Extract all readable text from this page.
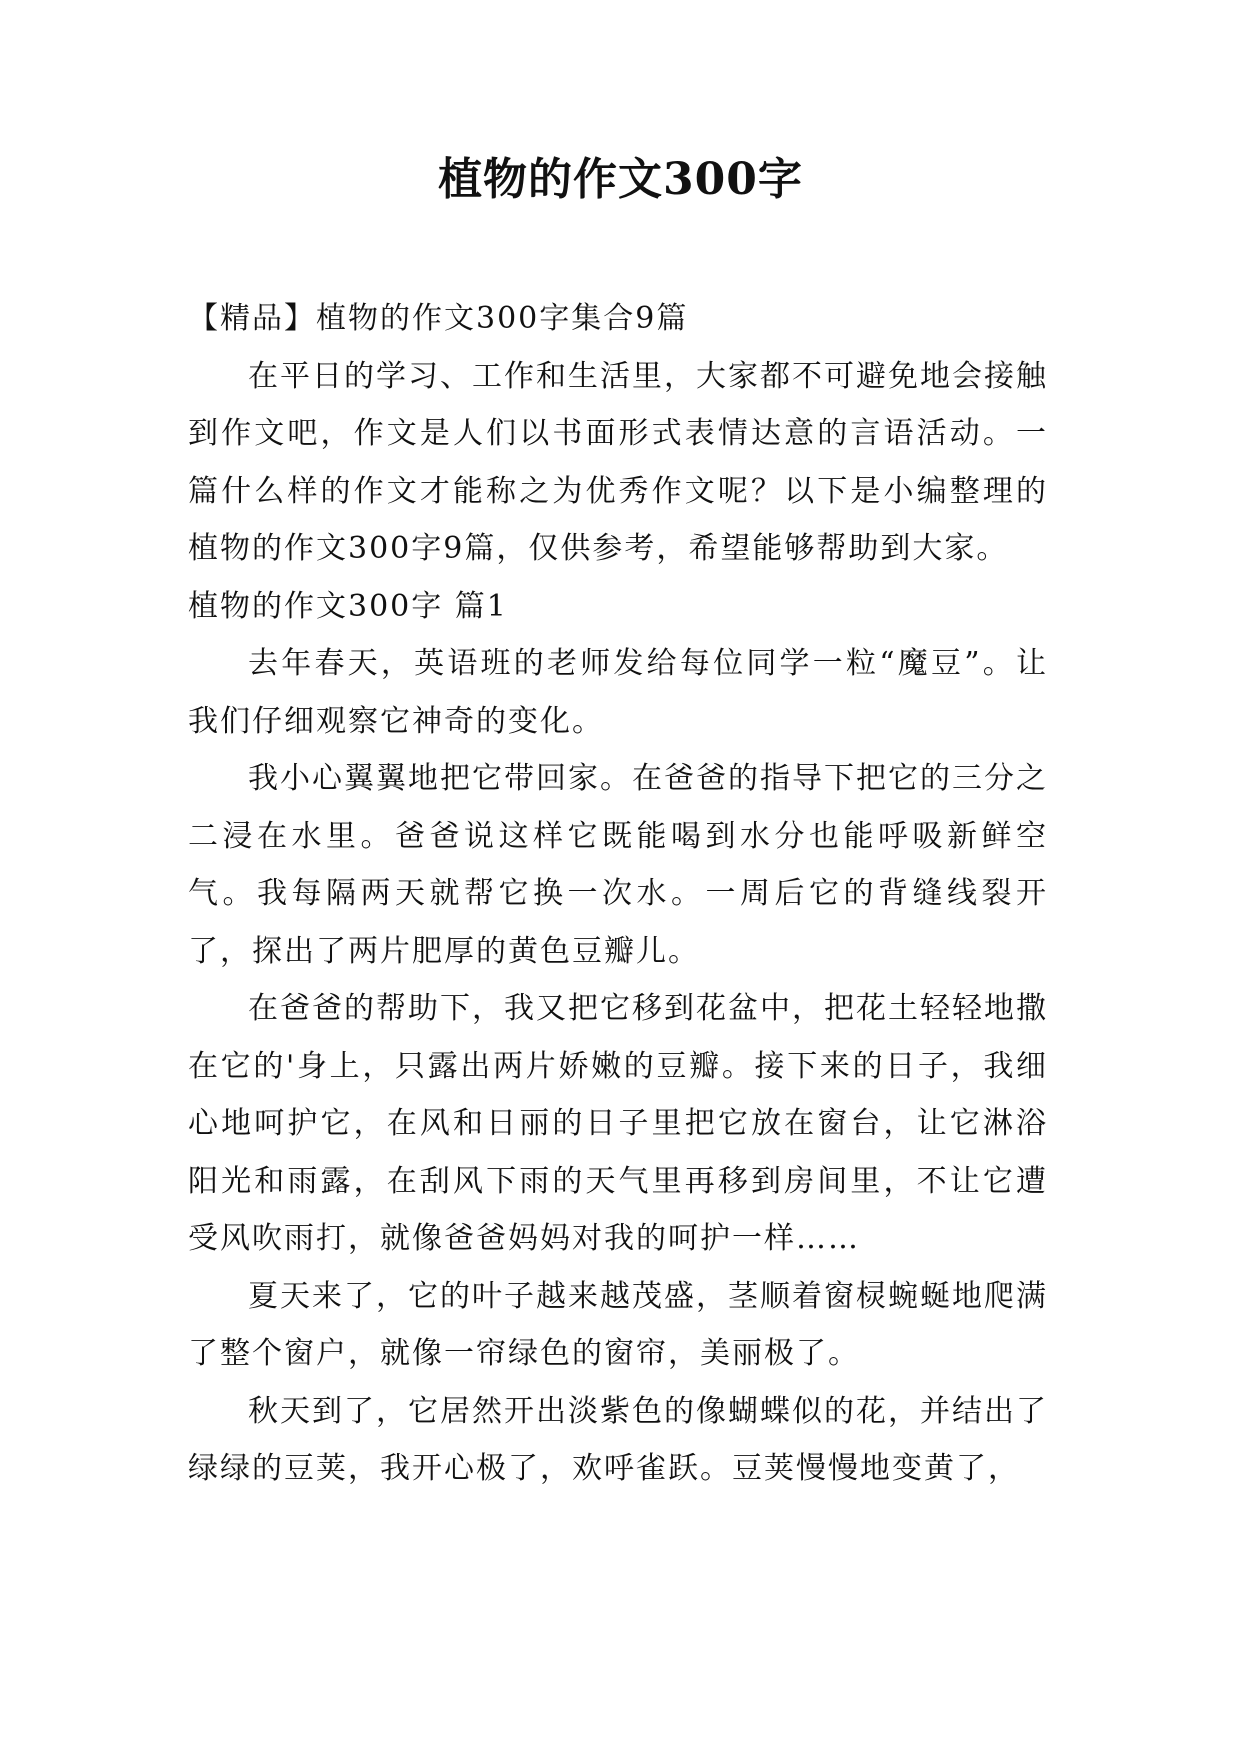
植物的作文300字

【精品】植物的作文300字集合9篇

在平日的学习、工作和生活里，大家都不可避免地会接触到作文吧，作文是人们以书面形式表情达意的言语活动。一篇什么样的作文才能称之为优秀作文呢？以下是小编整理的植物的作文300字9篇，仅供参考，希望能够帮助到大家。

植物的作文300字 篇1

去年春天，英语班的老师发给每位同学一粒“魔豆”。让我们仔细观察它神奇的变化。

我小心翼翼地把它带回家。在爸爸的指导下把它的三分之二浸在水里。爸爸说这样它既能喝到水分也能呼吸新鲜空气。我每隔两天就帮它换一次水。一周后它的背缝线裂开了，探出了两片肥厚的黄色豆瓣儿。

在爸爸的帮助下，我又把它移到花盆中，把花土轻轻地撒在它的'身上，只露出两片娇嫩的豆瓣。接下来的日子，我细心地呵护它，在风和日丽的日子里把它放在窗台，让它淋浴阳光和雨露，在刮风下雨的天气里再移到房间里，不让它遭受风吹雨打，就像爸爸妈妈对我的呵护一样……

夏天来了，它的叶子越来越茂盛，茎顺着窗棂蜿蜒地爬满了整个窗户，就像一帘绿色的窗帘，美丽极了。

秋天到了，它居然开出淡紫色的像蝴蝶似的花，并结出了绿绿的豆荚，我开心极了，欢呼雀跃。豆荚慢慢地变黄了，
